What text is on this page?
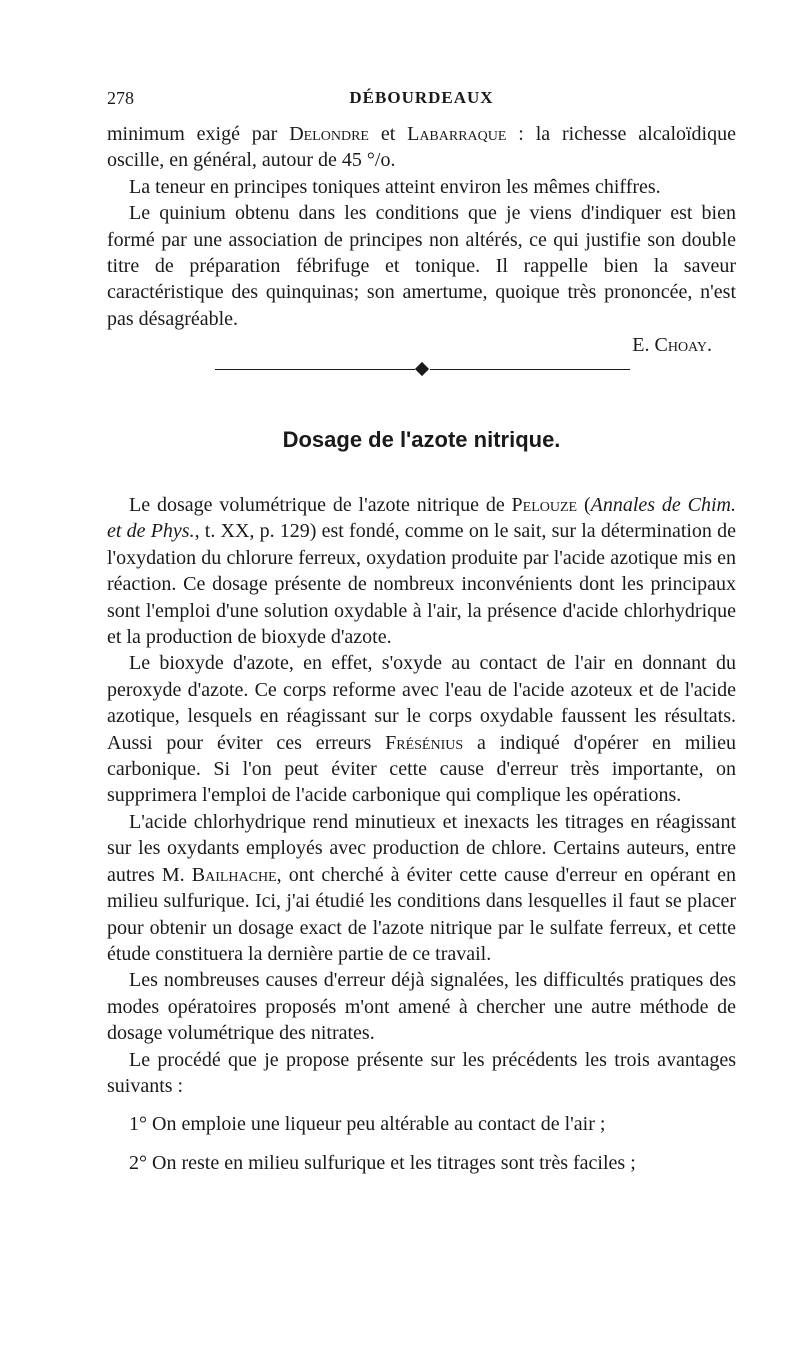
278	DÉBOURDEAUX

minimum exigé par Delondre et Labarraque : la richesse alcaloïdique oscille, en général, autour de 45 °/o.

La teneur en principes toniques atteint environ les mêmes chiffres.

Le quinium obtenu dans les conditions que je viens d'indiquer est bien formé par une association de principes non altérés, ce qui justifie son double titre de préparation fébrifuge et tonique. Il rappelle bien la saveur caractéristique des quinquinas; son amertume, quoique très prononcée, n'est pas désagréable.

E. Choay.
Dosage de l'azote nitrique.

Le dosage volumétrique de l'azote nitrique de Pelouze (Annales de Chim. et de Phys., t. XX, p. 129) est fondé, comme on le sait, sur la détermination de l'oxydation du chlorure ferreux, oxydation produite par l'acide azotique mis en réaction. Ce dosage présente de nombreux inconvénients dont les principaux sont l'emploi d'une solution oxydable à l'air, la présence d'acide chlorhydrique et la production de bioxyde d'azote.

Le bioxyde d'azote, en effet, s'oxyde au contact de l'air en donnant du peroxyde d'azote. Ce corps reforme avec l'eau de l'acide azoteux et de l'acide azotique, lesquels en réagissant sur le corps oxydable faussent les résultats. Aussi pour éviter ces erreurs Frésénius a indiqué d'opérer en milieu carbonique. Si l'on peut éviter cette cause d'erreur très importante, on supprimera l'emploi de l'acide carbonique qui complique les opérations.

L'acide chlorhydrique rend minutieux et inexacts les titrages en réagissant sur les oxydants employés avec production de chlore. Certains auteurs, entre autres M. Bailhache, ont cherché à éviter cette cause d'erreur en opérant en milieu sulfurique. Ici, j'ai étudié les conditions dans lesquelles il faut se placer pour obtenir un dosage exact de l'azote nitrique par le sulfate ferreux, et cette étude constituera la dernière partie de ce travail.

Les nombreuses causes d'erreur déjà signalées, les difficultés pratiques des modes opératoires proposés m'ont amené à chercher une autre méthode de dosage volumétrique des nitrates.

Le procédé que je propose présente sur les précédents les trois avantages suivants :

1° On emploie une liqueur peu altérable au contact de l'air ;

2° On reste en milieu sulfurique et les titrages sont très faciles ;
